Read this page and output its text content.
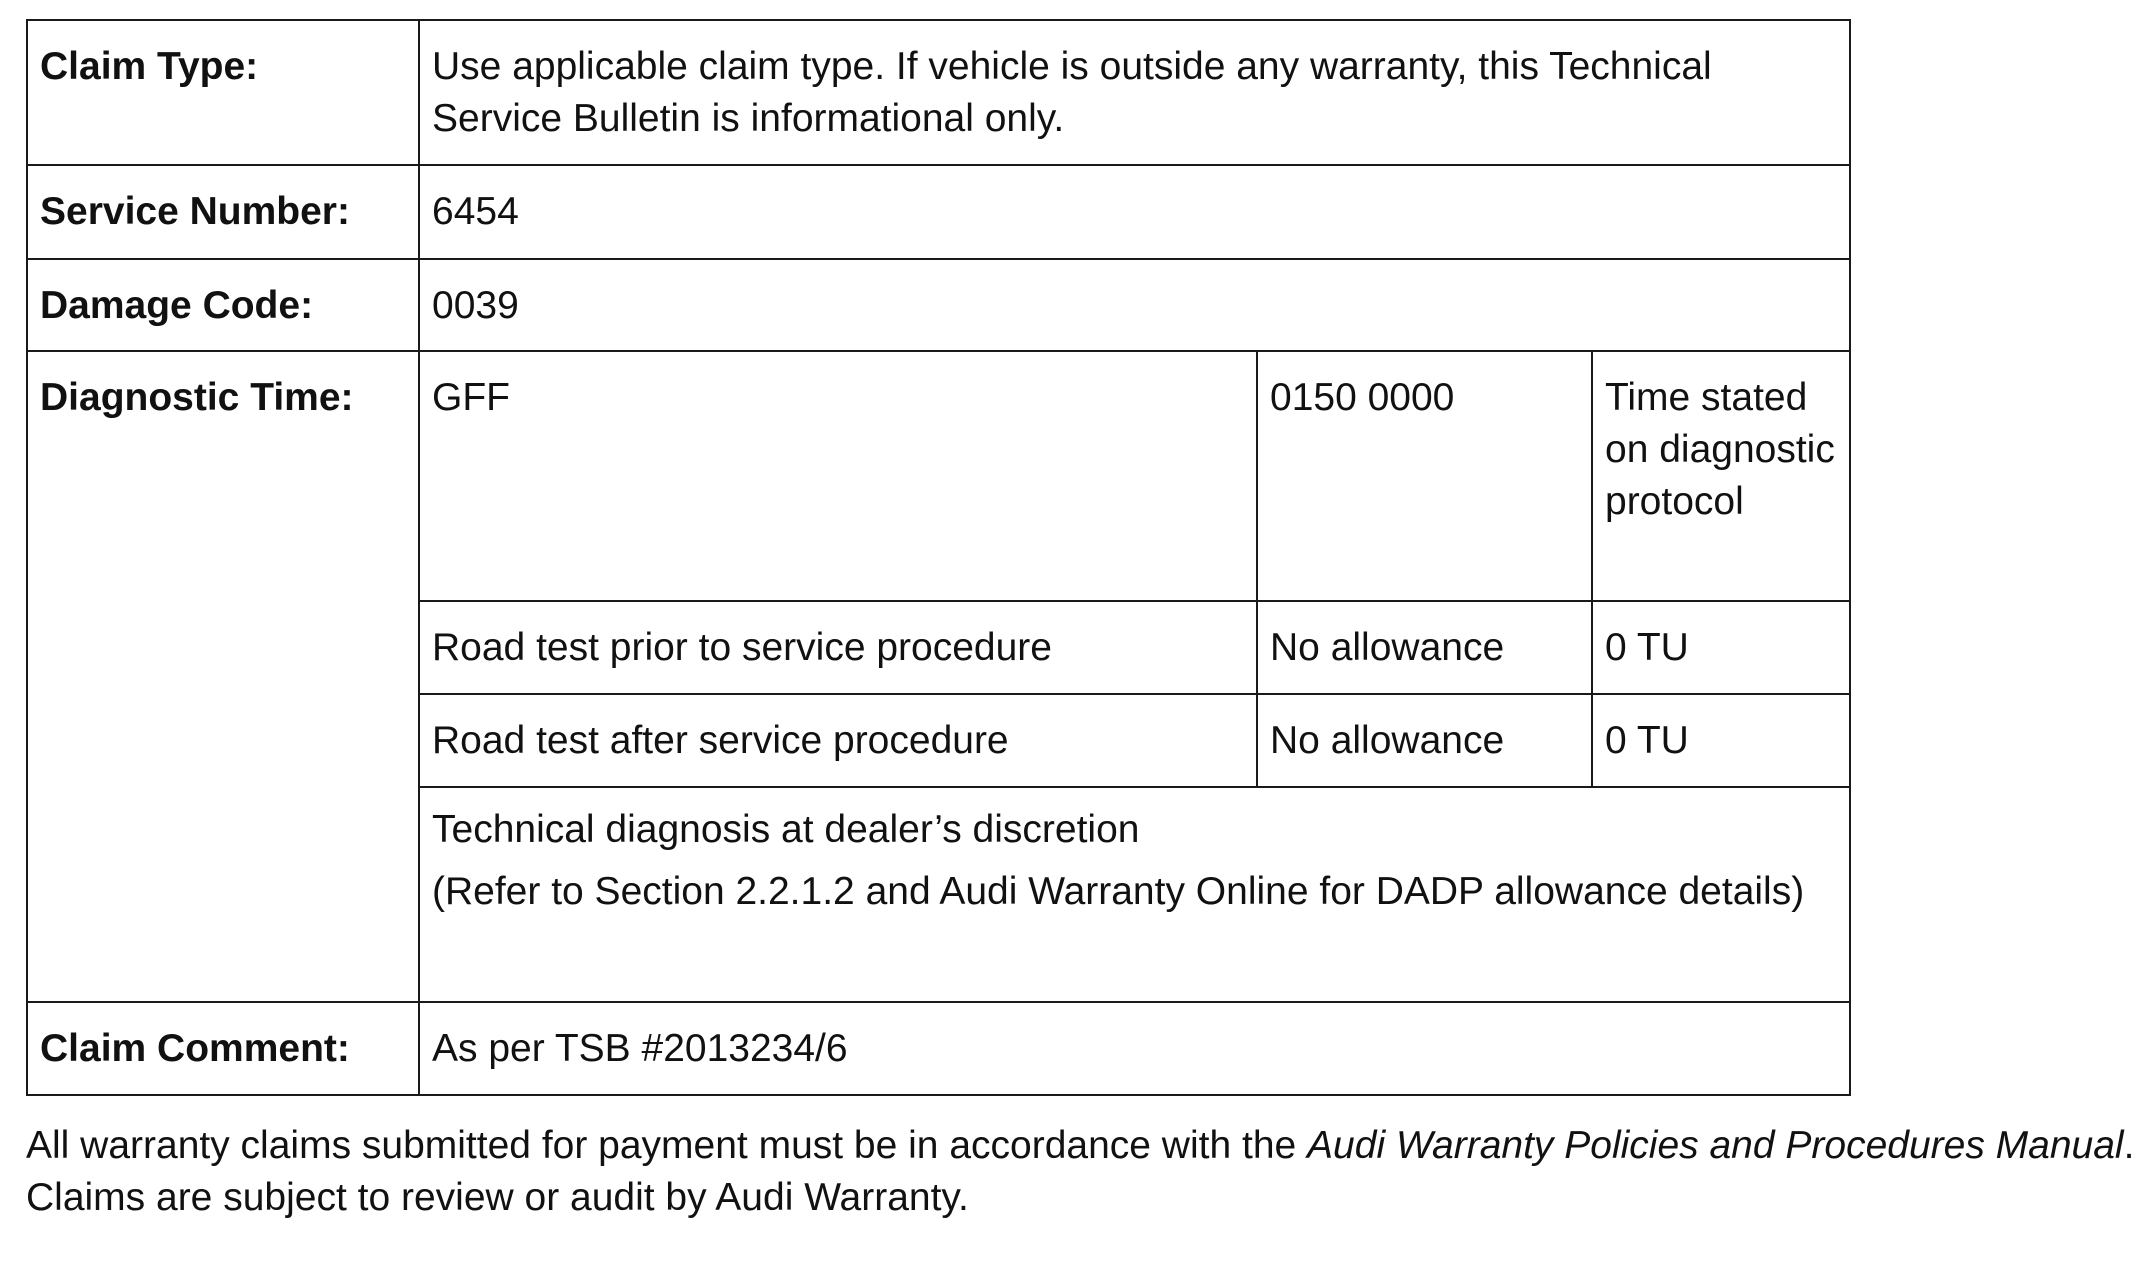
Claim Type:	Use applicable claim type. If vehicle is outside any warranty, this Technical Service Bulletin is informational only.		
Service Number:	6454		
Damage Code:	0039		
Diagnostic Time:	GFF	0150 0000	Time stated on diagnostic protocol
	Road test prior to service procedure	No allowance	0 TU
	Road test after service procedure	No allowance	0 TU

	Technical diagnosis at dealer’s discretion
(Refer to Section 2.2.1.2 and Audi Warranty Online for DADP allowance details)		

Claim Comment:	As per TSB #2013234/6		

All warranty claims submitted for payment must be in accordance with the Audi Warranty Policies and Procedures Manual. Claims are subject to review or audit by Audi Warranty.
